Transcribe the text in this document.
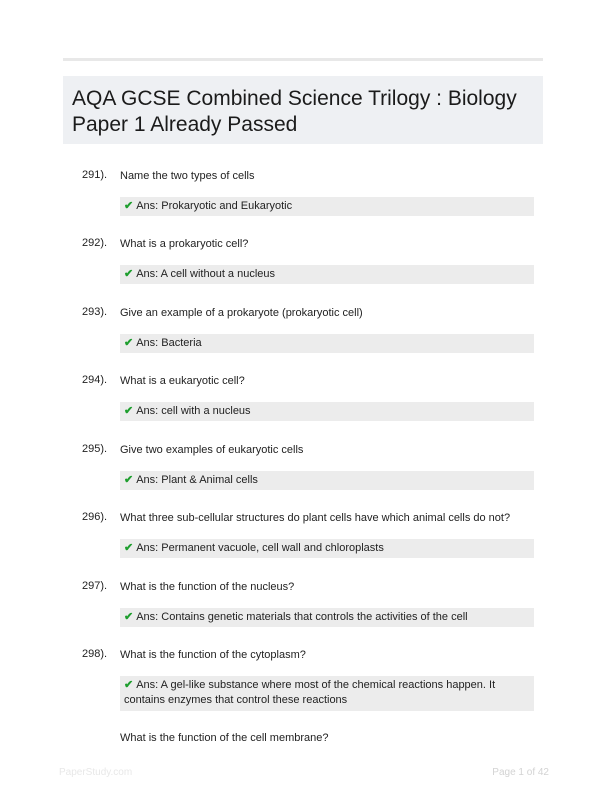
AQA GCSE Combined Science Trilogy : Biology Paper 1 Already Passed
291). Name the two types of cells
✔ Ans: Prokaryotic and Eukaryotic
292). What is a prokaryotic cell?
✔ Ans: A cell without a nucleus
293). Give an example of a prokaryote (prokaryotic cell)
✔ Ans: Bacteria
294). What is a eukaryotic cell?
✔ Ans: cell with a nucleus
295). Give two examples of eukaryotic cells
✔ Ans: Plant & Animal cells
296). What three sub-cellular structures do plant cells have which animal cells do not?
✔ Ans: Permanent vacuole, cell wall and chloroplasts
297). What is the function of the nucleus?
✔ Ans: Contains genetic materials that controls the activities of the cell
298). What is the function of the cytoplasm?
✔ Ans: A gel-like substance where most of the chemical reactions happen. It contains enzymes that control these reactions
What is the function of the cell membrane?
PaperStudy.com	Page 1 of 42
